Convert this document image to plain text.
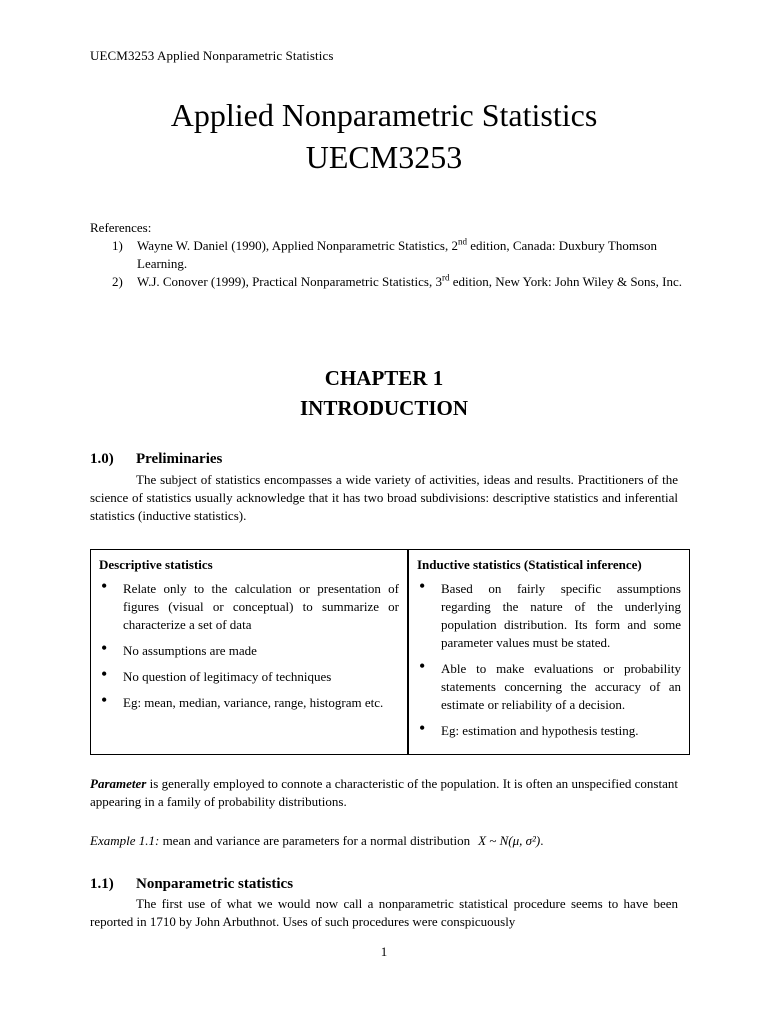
UECM3253 Applied Nonparametric Statistics
Applied Nonparametric Statistics
UECM3253
References:
1) Wayne W. Daniel (1990), Applied Nonparametric Statistics, 2nd edition, Canada: Duxbury Thomson Learning.
2) W.J. Conover (1999), Practical Nonparametric Statistics, 3rd edition, New York: John Wiley & Sons, Inc.
CHAPTER 1
INTRODUCTION
1.0) Preliminaries
The subject of statistics encompasses a wide variety of activities, ideas and results. Practitioners of the science of statistics usually acknowledge that it has two broad subdivisions: descriptive statistics and inferential statistics (inductive statistics).
Descriptive statistics
• Relate only to the calculation or presentation of figures (visual or conceptual) to summarize or characterize a set of data
• No assumptions are made
• No question of legitimacy of techniques
• Eg: mean, median, variance, range, histogram etc.

Inductive statistics (Statistical inference)
• Based on fairly specific assumptions regarding the nature of the underlying population distribution. Its form and some parameter values must be stated.
• Able to make evaluations or probability statements concerning the accuracy of an estimate or reliability of a decision.
• Eg: estimation and hypothesis testing.
Parameter is generally employed to connote a characteristic of the population. It is often an unspecified constant appearing in a family of probability distributions.
Example 1.1: mean and variance are parameters for a normal distribution X ~ N(μ, σ²).
1.1) Nonparametric statistics
The first use of what we would now call a nonparametric statistical procedure seems to have been reported in 1710 by John Arbuthnot. Uses of such procedures were conspicuously
1
